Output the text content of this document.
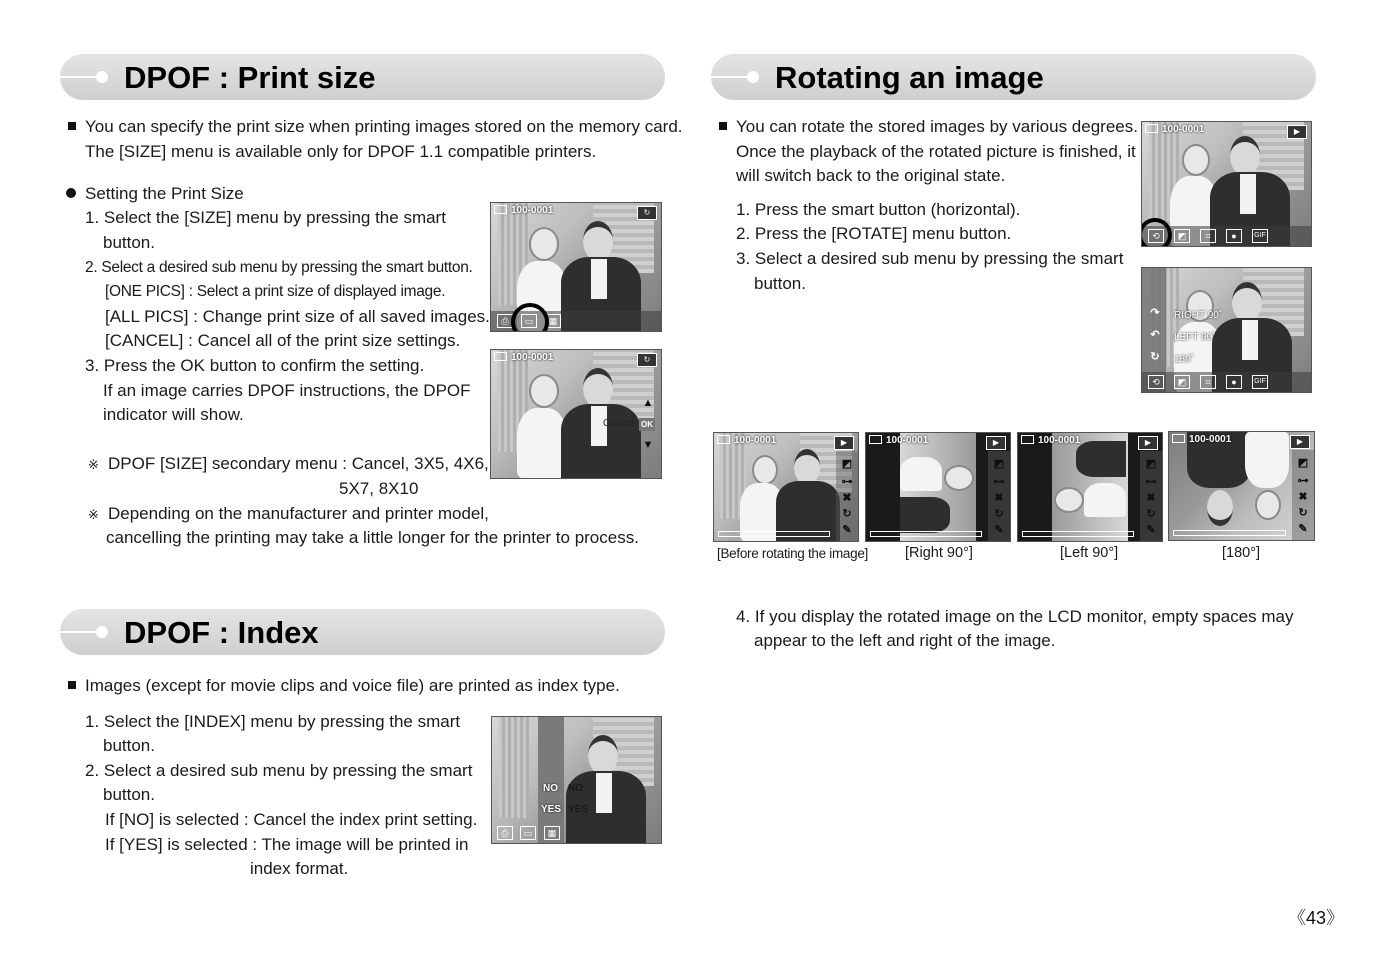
DPOF : Print size
You can specify the print size when printing images stored on the memory card.
The [SIZE] menu is available only for DPOF 1.1 compatible printers.
Setting the Print Size
1. Select the [SIZE] menu by pressing the smart
button.
2. Select a desired sub menu by pressing the smart button.
[ONE PICS] : Select a print size of displayed image.
[ALL PICS] : Change print size of all saved images.
[CANCEL] : Cancel all of the print size settings.
3. Press the OK button to confirm the setting.
If an image carries DPOF instructions, the DPOF
indicator will show.
※ DPOF [SIZE] secondary menu : Cancel, 3X5, 4X6,
5X7, 8X10
※ Depending on the manufacturer and printer model,
cancelling the printing may take a little longer for the printer to process.
100-0001	↻
⎙	▭	▦
100-0001	↻
Cancel OK
▲
▼
DPOF : Index
Images (except for movie clips and voice file) are printed as index type.
1. Select the [INDEX] menu by pressing the smart
button.
2. Select a desired sub menu by pressing the smart
button.
If [NO] is selected : Cancel the index print setting.
If [YES] is selected : The image will be printed in
index format.
NO NO
YES YES
⎙	▭	▦
Rotating an image
You can rotate the stored images by various degrees.
Once the playback of the rotated picture is finished, it
will switch back to the original state.
1. Press the smart button (horizontal).
2. Press the [ROTATE] menu button.
3. Select a desired sub menu by pressing the smart
button.
100-0001	▶
⟲	◩	⌗	●	GIF
↷
↶
↻
RIGHT 90˚
LEFT 90˚
180˚
⟲	◩	⌗	●	GIF
100-0001	▶
◩
⊶
✖
↻
✎
100-0001	▶
◩
⊶
✖
↻
✎
100-0001	▶
◩
⊶
✖
↻
✎
100-0001	▶
◩
⊶
✖
↻
✎
[Before rotating the image]	[Right 90°]	[Left 90°]	[180°]
4. If you display the rotated image on the LCD monitor, empty spaces may
appear to the left and right of the image.
《43》
